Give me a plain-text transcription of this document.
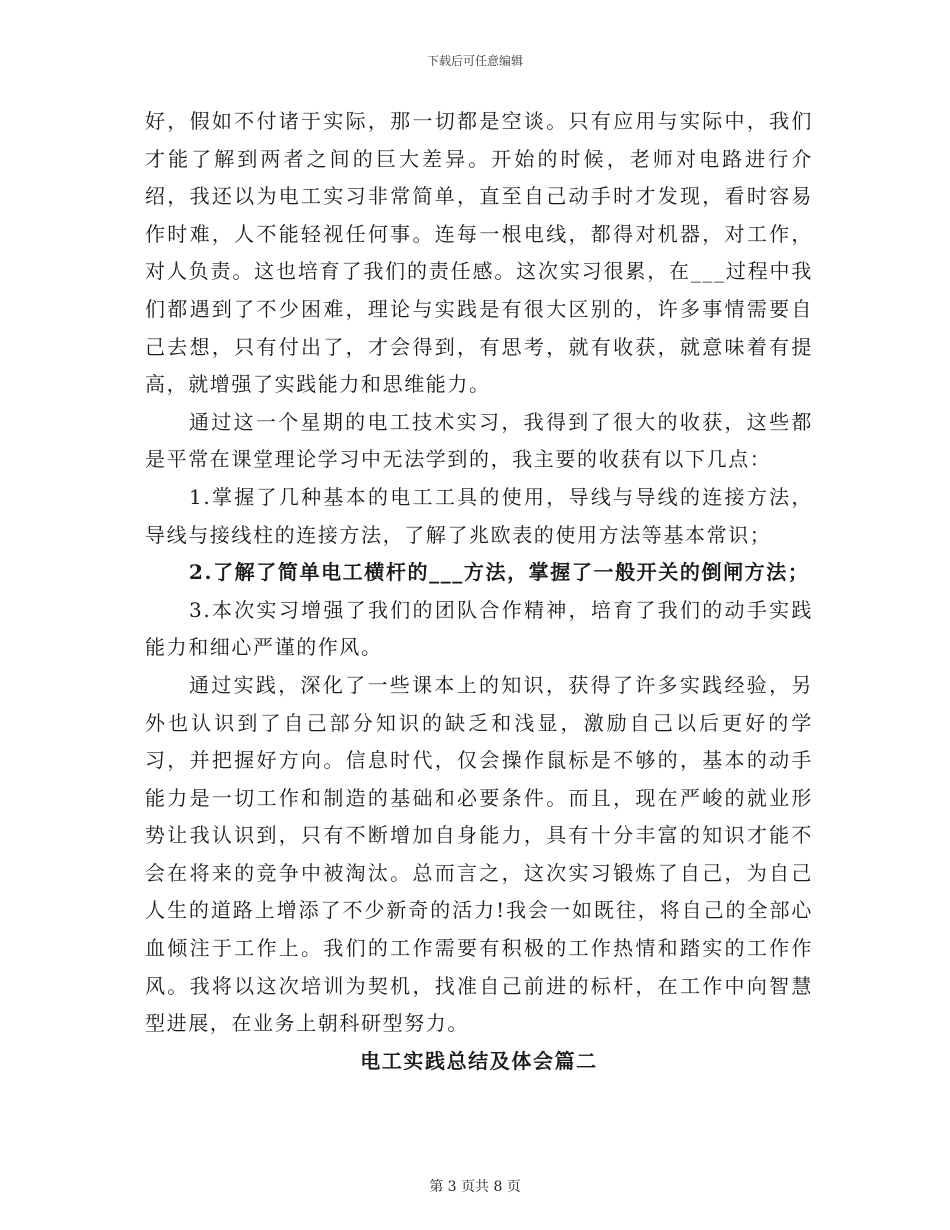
下载后可任意编辑

好，假如不付诸于实际，那一切都是空谈。只有应用与实际中，我们才能了解到两者之间的巨大差异。开始的时候，老师对电路进行介绍，我还以为电工实习非常简单，直至自己动手时才发现，看时容易作时难，人不能轻视任何事。连每一根电线，都得对机器，对工作，对人负责。这也培育了我们的责任感。这次实习很累，在___过程中我们都遇到了不少困难，理论与实践是有很大区别的，许多事情需要自己去想，只有付出了，才会得到，有思考，就有收获，就意味着有提高，就增强了实践能力和思维能力。

通过这一个星期的电工技术实习，我得到了很大的收获，这些都是平常在课堂理论学习中无法学到的，我主要的收获有以下几点：

1.掌握了几种基本的电工工具的使用，导线与导线的连接方法，导线与接线柱的连接方法，了解了兆欧表的使用方法等基本常识；

2.了解了简单电工横杆的___方法，掌握了一般开关的倒闸方法；

3.本次实习增强了我们的团队合作精神，培育了我们的动手实践能力和细心严谨的作风。

通过实践，深化了一些课本上的知识，获得了许多实践经验，另外也认识到了自己部分知识的缺乏和浅显，激励自己以后更好的学习，并把握好方向。信息时代，仅会操作鼠标是不够的，基本的动手能力是一切工作和制造的基础和必要条件。而且，现在严峻的就业形势让我认识到，只有不断增加自身能力，具有十分丰富的知识才能不会在将来的竞争中被淘汰。总而言之，这次实习锻炼了自己，为自己人生的道路上增添了不少新奇的活力!我会一如既往，将自己的全部心血倾注于工作上。我们的工作需要有积极的工作热情和踏实的工作作风。我将以这次培训为契机，找准自己前进的标杆，在工作中向智慧型进展，在业务上朝科研型努力。

电工实践总结及体会篇二

第 3 页共 8 页
